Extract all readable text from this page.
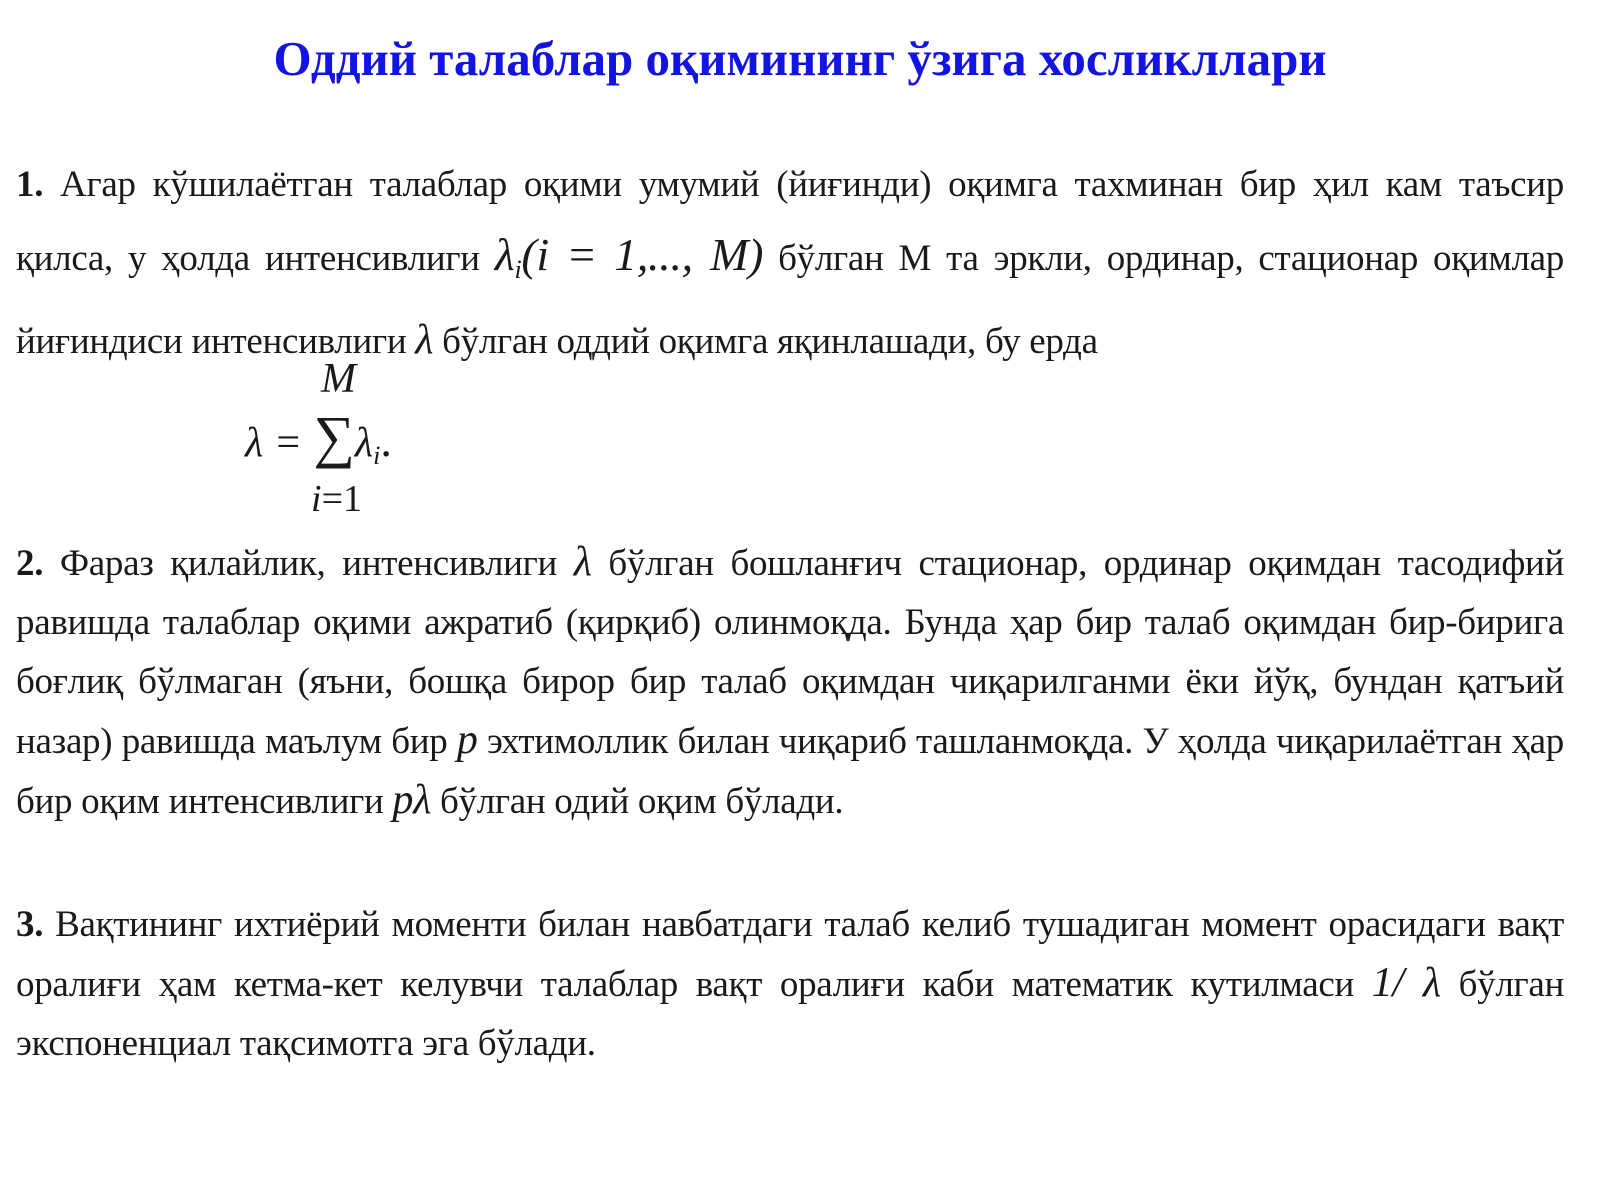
Оддий талаблар оқимининг ўзига хосликллари
1. Агар кўшилаётган талаблар оқими умумий (йиғинди) оқимга тахминан бир ҳил кам таъсир қилса, у ҳолда интенсивлиги $\lambda_i(i = 1$,..., M) бўлган М та эркли, ординар, стационар оқимлар йиғиндиси интенсивлиги λ бўлган оддий оқимга яқинлашади, бу ерда
M
$\lambda = \sum\lambda_i$.
i=1
2. Фараз қилайлик, интенсивлиги λ бўлган бошланғич стационар, ординар оқимдан тасодифий равишда талаблар оқими ажратиб (қирқиб) олинмоқда. Бунда ҳар бир талаб оқимдан бир-бирига боғлиқ бўлмаган (яъни, бошқа бирор бир талаб оқимдан чиқарилганми ёки йўқ, бундан қатъий назар) равишда маълум бир p эхтимоллик билан чиқариб ташланмоқда. У ҳолда чиқарилаётган ҳар бир оқим интенсивлиги pλ бўлган одий оқим бўлади.
3. Вақтининг ихтиёрий моменти билан навбатдаги талаб келиб тушадиган момент орасидаги вақт оралиғи ҳам кетма-кет келувчи талаблар вақт оралиғи каби математик кутилмаси 1/ λ бўлган экспоненциал тақсимотга эга бўлади.
